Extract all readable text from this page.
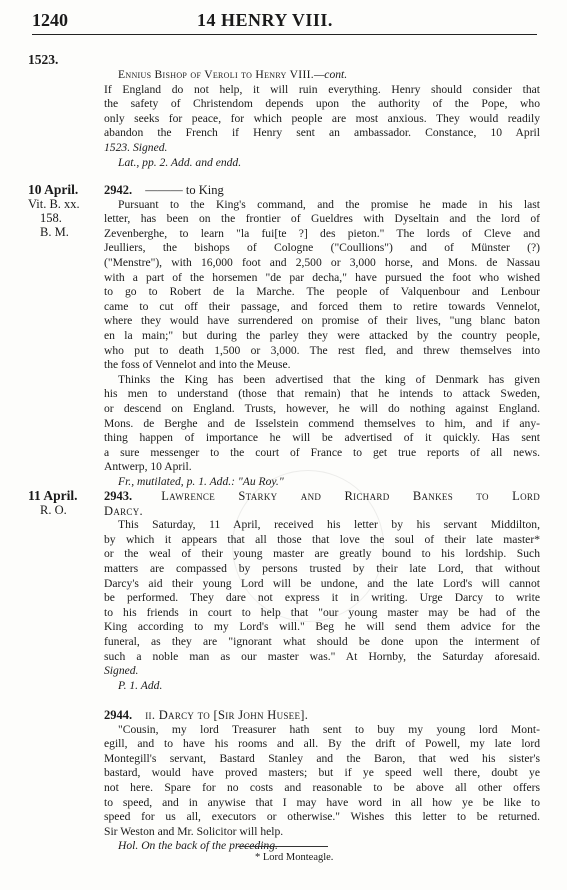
1240	14 HENRY VIII.
1523.
Ennius Bishop of Veroli to Henry VIII.—cont.
If England do not help, it will ruin everything. Henry should consider that
the safety of Christendom depends upon the authority of the Pope, who
only seeks for peace, for which people are most anxious. They would readily
abandon the French if Henry sent an ambassador. Constance, 10 April
1523. Signed.
Lat., pp. 2. Add. and endd.
10 April.
Vit. B. xx.
158.
B. M.
2942. ——— to King
Pursuant to the King's command, and the promise he made in his last
letter, has been on the frontier of Gueldres with Dyseltain and the lord of
Zevenberghe, to learn "la fui[te ?] des pieton." The lords of Cleve and
Jeulliers, the bishops of Cologne ("Coullions") and of Münster (?)
("Menstre"), with 16,000 foot and 2,500 or 3,000 horse, and Mons. de Nassau
with a part of the horsemen "de par decha," have pursued the foot who wished
to go to Robert de la Marche. The people of Valquenbour and Lenbour
came to cut off their passage, and forced them to retire towards Vennelot,
where they would have surrendered on promise of their lives, "ung blanc baton
en la main;" but during the parley they were attacked by the country people,
who put to death 1,500 or 3,000. The rest fled, and threw themselves into
the foss of Vennelot and into the Meuse.
Thinks the King has been advertised that the king of Denmark has given
his men to understand (those that remain) that he intends to attack Sweden,
or descend on England. Trusts, however, he will do nothing against England.
Mons. de Berghe and de Isselstein commend themselves to him, and if any-
thing happen of importance he will be advertised of it quickly. Has sent
a sure messenger to the court of France to get true reports of all news.
Antwerp, 10 April.
Fr., mutilated, p. 1. Add.: "Au Roy."
11 April.
R. O.
2943. Lawrence Starky and Richard Bankes to Lord
Darcy.
This Saturday, 11 April, received his letter by his servant Middilton,
by which it appears that all those that love the soul of their late master*
or the weal of their young master are greatly bound to his lordship. Such
matters are compassed by persons trusted by their late Lord, that without
Darcy's aid their young Lord will be undone, and the late Lord's will cannot
be performed. They dare not express it in writing. Urge Darcy to write
to his friends in court to help that "our young master may be had of the
King according to my Lord's will." Beg he will send them advice for the
funeral, as they are "ignorant what should be done upon the interment of
such a noble man as our master was." At Hornby, the Saturday aforesaid.
Signed.
P. 1. Add.
2944. ii. Darcy to [Sir John Husee].
"Cousin, my lord Treasurer hath sent to buy my young lord Mont-
egill, and to have his rooms and all. By the drift of Powell, my late lord
Montegill's servant, Bastard Stanley and the Baron, that wed his sister's
bastard, would have proved masters; but if ye speed well there, doubt ye
not here. Spare for no costs and reasonable to be above all other offers
to speed, and in anywise that I may have word in all how ye be like to
speed for us all, executors or otherwise." Wishes this letter to be returned.
Sir Weston and Mr. Solicitor will help.
Hol. On the back of the preceding.
* Lord Monteagle.
